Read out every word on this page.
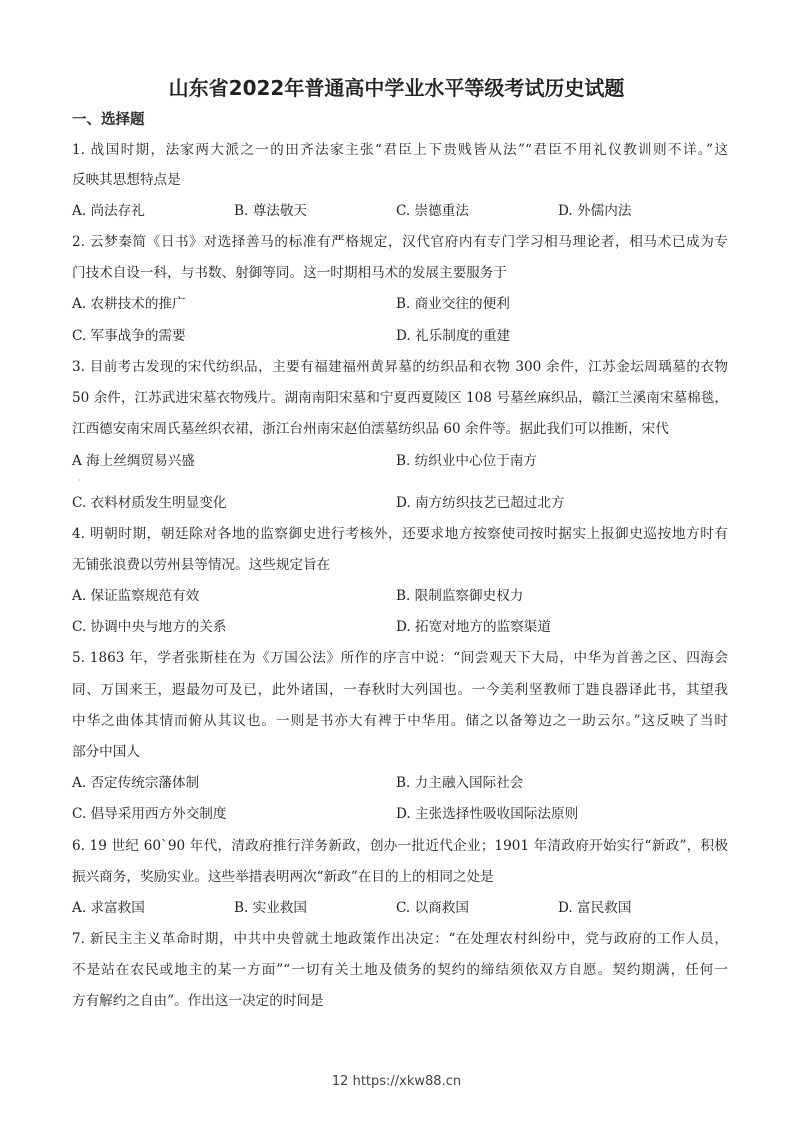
山东省2022年普通高中学业水平等级考试历史试题
一、选择题
1. 战国时期，法家两大派之一的田齐法家主张“君臣上下贵贱皆从法”“君臣不用礼仪教训则不详。”这
反映其思想特点是
A. 尚法存礼	B. 尊法敬天	C. 崇德重法	D. 外儒内法
2. 云梦秦简《日书》对选择善马的标准有严格规定，汉代官府内有专门学习相马理论者，相马术已成为专
门技术自设一科，与书数、射御等同。这一时期相马术的发展主要服务于
A. 农耕技术的推广	B. 商业交往的便利
C. 军事战争的需要	D. 礼乐制度的重建
3. 目前考古发现的宋代纺织品，主要有福建福州黄昇墓的纺织品和衣物 300 余件，江苏金坛周瑀墓的衣物
50 余件，江苏武进宋墓衣物残片。湖南南阳宋墓和宁夏西夏陵区 108 号墓丝麻织品，赣江兰溪南宋墓棉毯，
江西德安南宋周氏墓丝织衣裙，浙江台州南宋赵伯澐墓纺织品 60 余件等。据此我们可以推断，宋代
A 海上丝绸贸易兴盛	B. 纺织业中心位于南方
C. 衣料材质发生明显变化	D. 南方纺织技艺已超过北方
4. 明朝时期，朝廷除对各地的监察御史进行考核外，还要求地方按察使司按时据实上报御史巡按地方时有
无铺张浪费以劳州县等情况。这些规定旨在
A. 保证监察规范有效	B. 限制监察御史权力
C. 协调中央与地方的关系	D. 拓宽对地方的监察渠道
5. 1863 年，学者张斯桂在为《万国公法》所作的序言中说：“间尝观天下大局，中华为首善之区、四海会
同、万国来王，遐最勿可及已，此外诸国，一春秋时大列国也。一今美利坚教师丁韪良器译此书，其望我
中华之曲体其情而俯从其议也。一则是书亦大有裨于中华用。储之以备筹边之一助云尔。”这反映了当时
部分中国人
A. 否定传统宗藩体制	B. 力主融入国际社会
C. 倡导采用西方外交制度	D. 主张选择性吸收国际法原则
6. 19 世纪 60`90 年代，清政府推行洋务新政，创办一批近代企业；1901 年清政府开始实行“新政”，积极
振兴商务，奖励实业。这些举措表明两次“新政”在目的上的相同之处是
A. 求富救国	B. 实业救国	C. 以商救国	D. 富民救国
7. 新民主主义革命时期，中共中央曾就土地政策作出决定：“在处理农村纠纷中，党与政府的工作人员，
不是站在农民或地主的某一方面”“一切有关土地及债务的契约的缔结须依双方自愿。契约期满，任何一
方有解约之自由”。作出这一决定的时间是
·
12 https://xkw88.cn
